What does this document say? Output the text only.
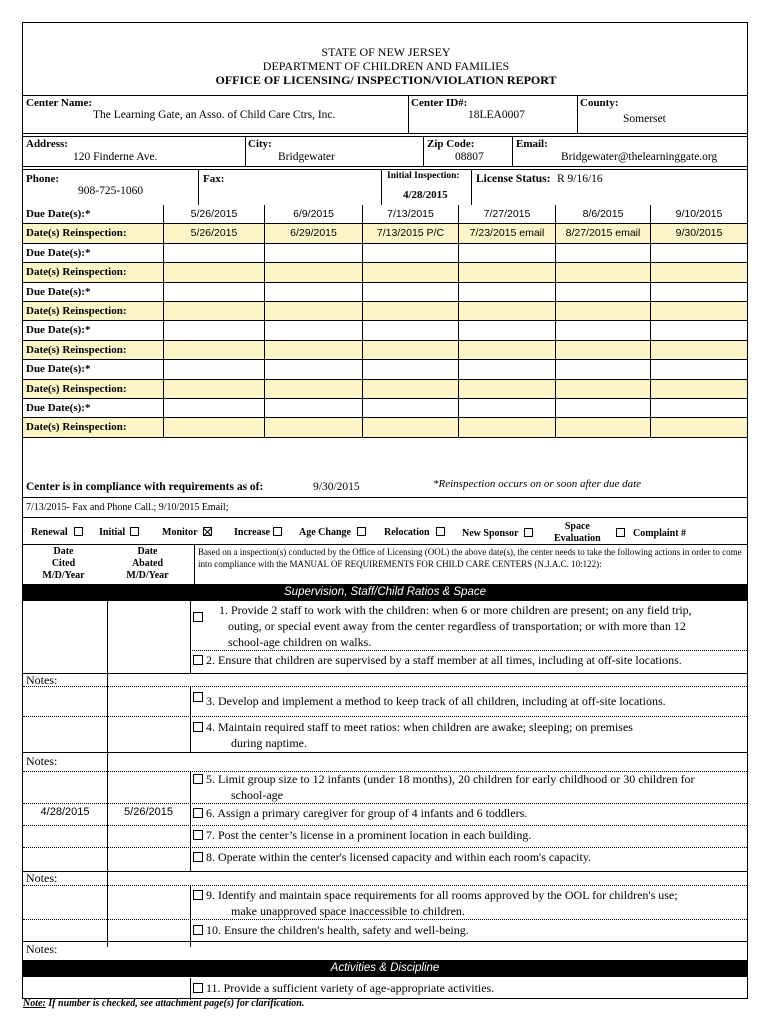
STATE OF NEW JERSEY
DEPARTMENT OF CHILDREN AND FAMILIES
OFFICE OF LICENSING/ INSPECTION/VIOLATION REPORT
Center Name:
The Learning Gate, an Asso. of Child Care Ctrs, Inc.
Center ID#:
18LEA0007
County:
Somerset
Address:
120 Finderne Ave.
City:
Bridgewater
Zip Code:
08807
Email:
Bridgewater@thelearninggate.org
Phone:
908-725-1060
Fax:	Initial Inspection:
4/28/2015
License Status: R 9/16/16
Due Date(s):*	5/26/2015	6/9/2015	7/13/2015	7/27/2015	8/6/2015	9/10/2015
Date(s) Reinspection:	5/26/2015	6/29/2015	7/13/2015 P/C	7/23/2015 email	8/27/2015 email	9/30/2015
Due Date(s):*
Date(s) Reinspection:
Due Date(s):*
Date(s) Reinspection:
Due Date(s):*
Date(s) Reinspection:
Due Date(s):*
Date(s) Reinspection:
Due Date(s):*
Date(s) Reinspection:
Center is in compliance with requirements as of:	9/30/2015	*Reinspection occurs on or soon after due date
7/13/2015- Fax and Phone Call.; 9/10/2015 Email;
Renewal	Initial	Monitor	Increase	Age Change	Relocation	New Sponsor
Space
Evaluation	Complaint #
Date
Cited
M/D/Year
Date
Abated
M/D/Year
Based on a inspection(s) conducted by the Office of Licensing (OOL) the above date(s), the center needs to take the following actions in order to come into compliance with the MANUAL OF REQUIREMENTS FOR CHILD CARE CENTERS (N.J.A.C. 10:122):
Supervision, Staff/Child Ratios & Space
1. Provide 2 staff to work with the children: when 6 or more children are present; on any field trip,
outing, or special event away from the center regardless of transportation; or with more than 12
school-age children on walks.
2. Ensure that children are supervised by a staff member at all times, including at off-site locations.
Notes:
3. Develop and implement a method to keep track of all children, including at off-site locations.
4. Maintain required staff to meet ratios: when children are awake; sleeping; on premises
during naptime.
Notes:
5. Limit group size to 12 infants (under 18 months), 20 children for early childhood or 30 children for
school-age
4/28/2015	5/26/2015	6. Assign a primary caregiver for group of 4 infants and 6 toddlers.
7. Post the center’s license in a prominent location in each building.
8. Operate within the center's licensed capacity and within each room's capacity.
Notes:
9. Identify and maintain space requirements for all rooms approved by the OOL for children's use;
make unapproved space inaccessible to children.
10. Ensure the children's health, safety and well-being.
Notes:
Activities & Discipline
11. Provide a sufficient variety of age-appropriate activities.
Note: If number is checked, see attachment page(s) for clarification.
